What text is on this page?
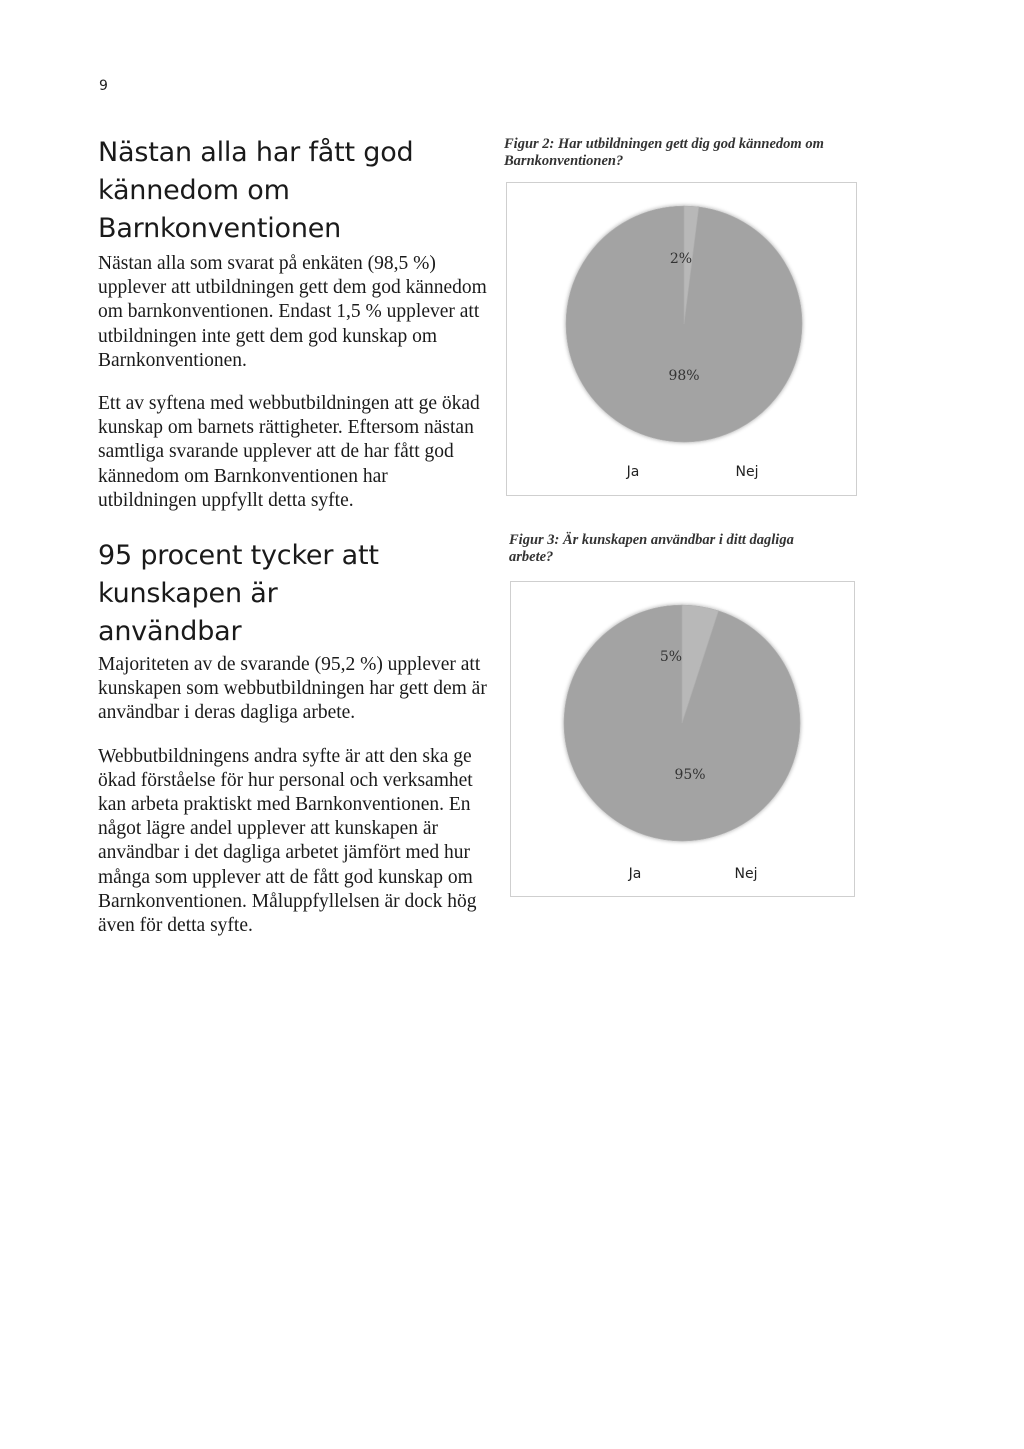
9
Nästan alla har fått god kännedom om Barnkonventionen

Nästan alla som svarat på enkäten (98,5 %) upplever att utbildningen gett dem god kännedom om barnkonventionen. Endast 1,5 % upplever att utbildningen inte gett dem god kunskap om Barnkonventionen.

Ett av syftena med webbutbildningen att ge ökad kunskap om barnets rättigheter. Eftersom nästan samtliga svarande upplever att de har fått god kännedom om Barnkonventionen har utbildningen uppfyllt detta syfte.

95 procent tycker att kunskapen är användbar

Majoriteten av de svarande (95,2 %) upplever att kunskapen som webbutbildningen har gett dem är användbar i deras dagliga arbete.

Webbutbildningens andra syfte är att den ska ge ökad förståelse för hur personal och verksamhet kan arbeta praktiskt med Barnkonventionen. En något lägre andel upplever att kunskapen är användbar i det dagliga arbetet jämfört med hur många som upplever att de fått god kunskap om Barnkonventionen. Måluppfyllelsen är dock hög även för detta syfte.

Figur 2: Har utbildningen gett dig god kännedom om Barnkonventionen?

2%
98%
Ja	Nej

Figur 3: Är kunskapen användbar i ditt dagliga arbete?

5%
95%
Ja	Nej
